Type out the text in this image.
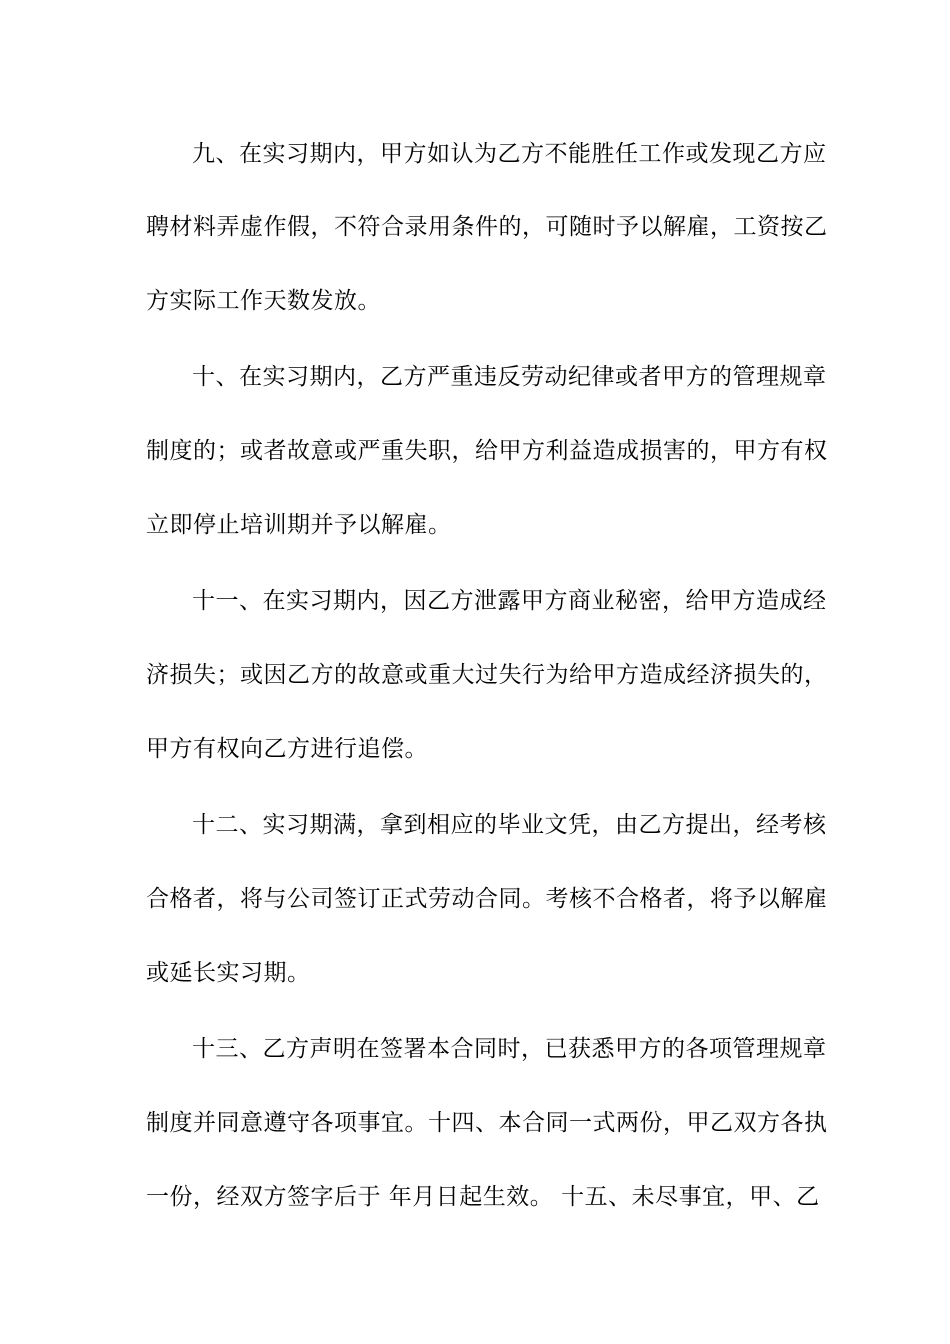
九、在实习期内，甲方如认为乙方不能胜任工作或发现乙方应
聘材料弄虚作假，不符合录用条件的，可随时予以解雇，工资按乙
方实际工作天数发放。
十、在实习期内，乙方严重违反劳动纪律或者甲方的管理规章
制度的；或者故意或严重失职，给甲方利益造成损害的，甲方有权
立即停止培训期并予以解雇。
十一、在实习期内，因乙方泄露甲方商业秘密，给甲方造成经
济损失；或因乙方的故意或重大过失行为给甲方造成经济损失的，
甲方有权向乙方进行追偿。
十二、实习期满，拿到相应的毕业文凭，由乙方提出，经考核
合格者，将与公司签订正式劳动合同。考核不合格者，将予以解雇
或延长实习期。
十三、乙方声明在签署本合同时，已获悉甲方的各项管理规章
制度并同意遵守各项事宜。十四、本合同一式两份，甲乙双方各执
一份，经双方签字后于 年月日起生效。 十五、未尽事宜，甲、乙
